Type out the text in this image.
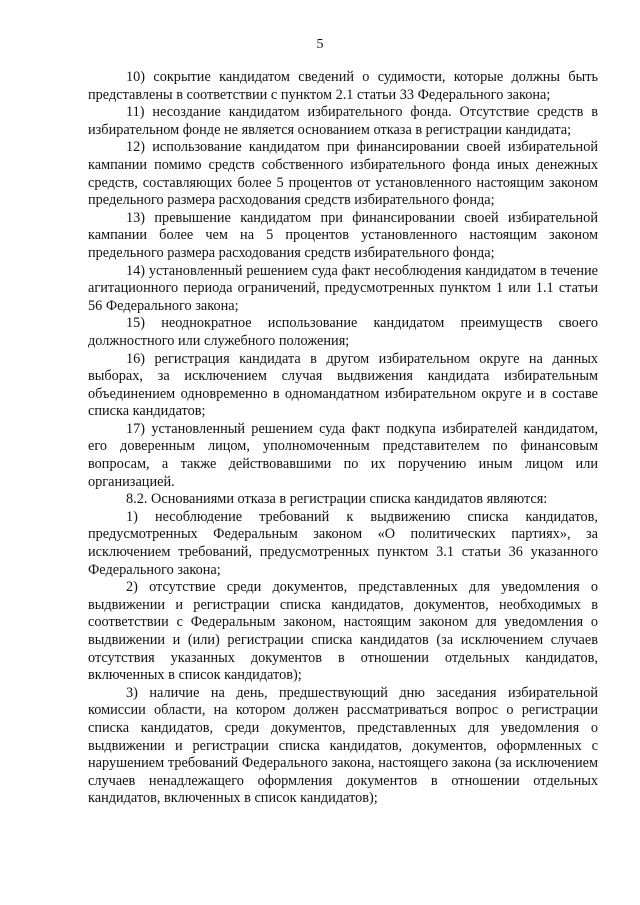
5

10) сокрытие кандидатом сведений о судимости, которые должны быть представлены в соответствии с пунктом 2.1 статьи 33 Федерального закона;

11) несоздание кандидатом избирательного фонда. Отсутствие средств в избирательном фонде не является основанием отказа в регистрации кандидата;

12) использование кандидатом при финансировании своей избирательной кампании помимо средств собственного избирательного фонда иных денежных средств, составляющих более 5 процентов от установленного настоящим законом предельного размера расходования средств избирательного фонда;

13) превышение кандидатом при финансировании своей избирательной кампании более чем на 5 процентов установленного настоящим законом предельного размера расходования средств избирательного фонда;

14) установленный решением суда факт несоблюдения кандидатом в течение агитационного периода ограничений, предусмотренных пунктом 1 или 1.1 статьи 56 Федерального закона;

15) неоднократное использование кандидатом преимуществ своего должностного или служебного положения;

16) регистрация кандидата в другом избирательном округе на данных выборах, за исключением случая выдвижения кандидата избирательным объединением одновременно в одномандатном избирательном округе и в составе списка кандидатов;

17) установленный решением суда факт подкупа избирателей кандидатом, его доверенным лицом, уполномоченным представителем по финансовым вопросам, а также действовавшими по их поручению иным лицом или организацией.

8.2. Основаниями отказа в регистрации списка кандидатов являются:

1) несоблюдение требований к выдвижению списка кандидатов, предусмотренных Федеральным законом «О политических партиях», за исключением требований, предусмотренных пунктом 3.1 статьи 36 указанного Федерального закона;

2) отсутствие среди документов, представленных для уведомления о выдвижении и регистрации списка кандидатов, документов, необходимых в соответствии с Федеральным законом, настоящим законом для уведомления о выдвижении и (или) регистрации списка кандидатов (за исключением случаев отсутствия указанных документов в отношении отдельных кандидатов, включенных в список кандидатов);

3) наличие на день, предшествующий дню заседания избирательной комиссии области, на котором должен рассматриваться вопрос о регистрации списка кандидатов, среди документов, представленных для уведомления о выдвижении и регистрации списка кандидатов, документов, оформленных с нарушением требований Федерального закона, настоящего закона (за исключением случаев ненадлежащего оформления документов в отношении отдельных кандидатов, включенных в список кандидатов);
